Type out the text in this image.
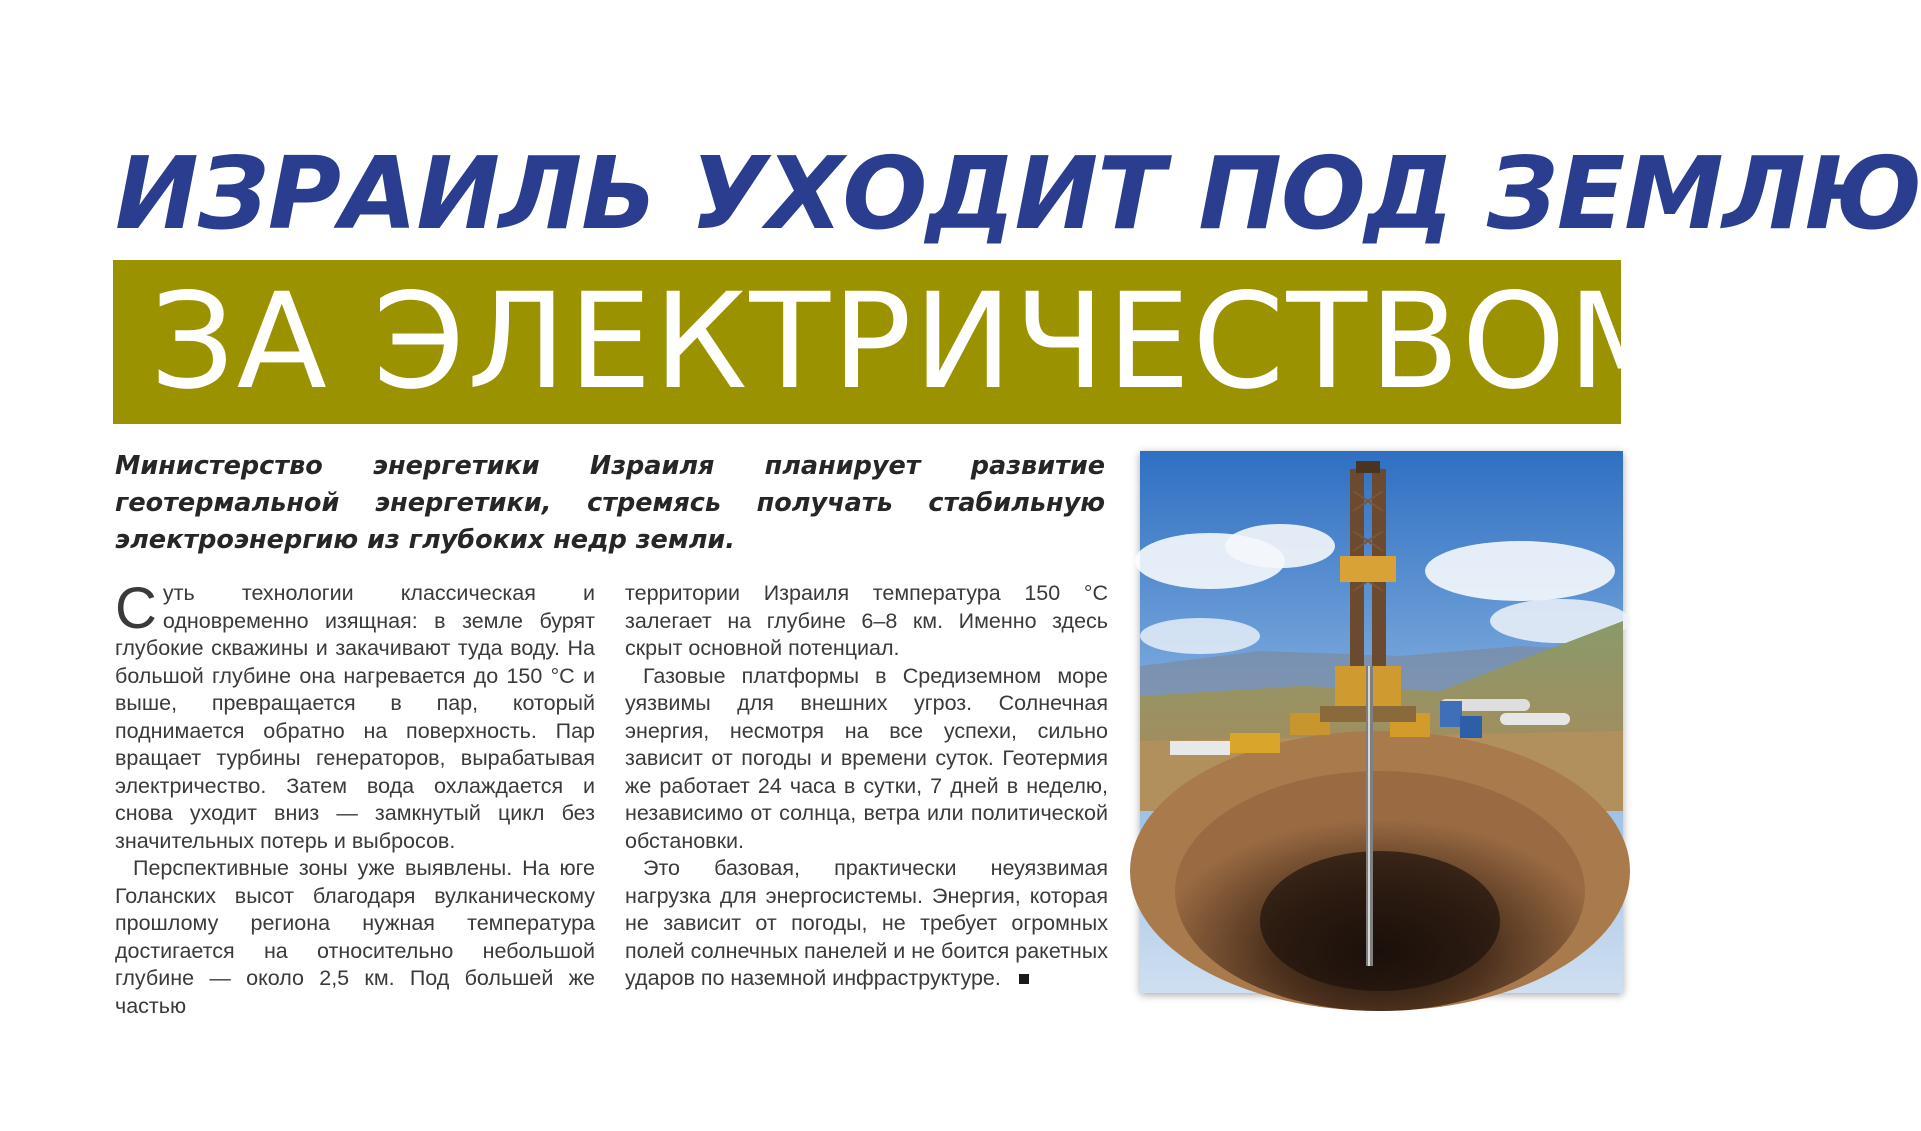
ИЗРАИЛЬ УХОДИТ ПОД ЗЕМЛЮ
ЗА ЭЛЕКТРИЧЕСТВОМ
Министерство энергетики Израиля планирует развитие геотермальной энергетики, стремясь получать стабильную электроэнергию из глубоких недр земли.

Суть технологии классическая и одновременно изящная: в земле бурят глубокие скважины и закачивают туда воду. На большой глубине она нагревается до 150 °С и выше, превращается в пар, который поднимается обратно на поверхность. Пар вращает турбины генераторов, вырабатывая электричество. Затем вода охлаждается и снова уходит вниз — замкнутый цикл без значительных потерь и выбросов.

Перспективные зоны уже выявлены. На юге Голанских высот благодаря вулканическому прошлому региона нужная температура достигается на относительно небольшой глубине — около 2,5 км. Под большей же частью

территории Израиля температура 150 °С залегает на глубине 6–8 км. Именно здесь скрыт основной потенциал.

Газовые платформы в Средиземном море уязвимы для внешних угроз. Солнечная энергия, несмотря на все успехи, сильно зависит от погоды и времени суток. Геотермия же работает 24 часа в сутки, 7 дней в неделю, независимо от солнца, ветра или политической обстановки.

Это базовая, практически неуязвимая нагрузка для энергосистемы. Энергия, которая не зависит от погоды, не требует огромных полей солнечных панелей и не боится ракетных ударов по наземной инфраструктуре.
